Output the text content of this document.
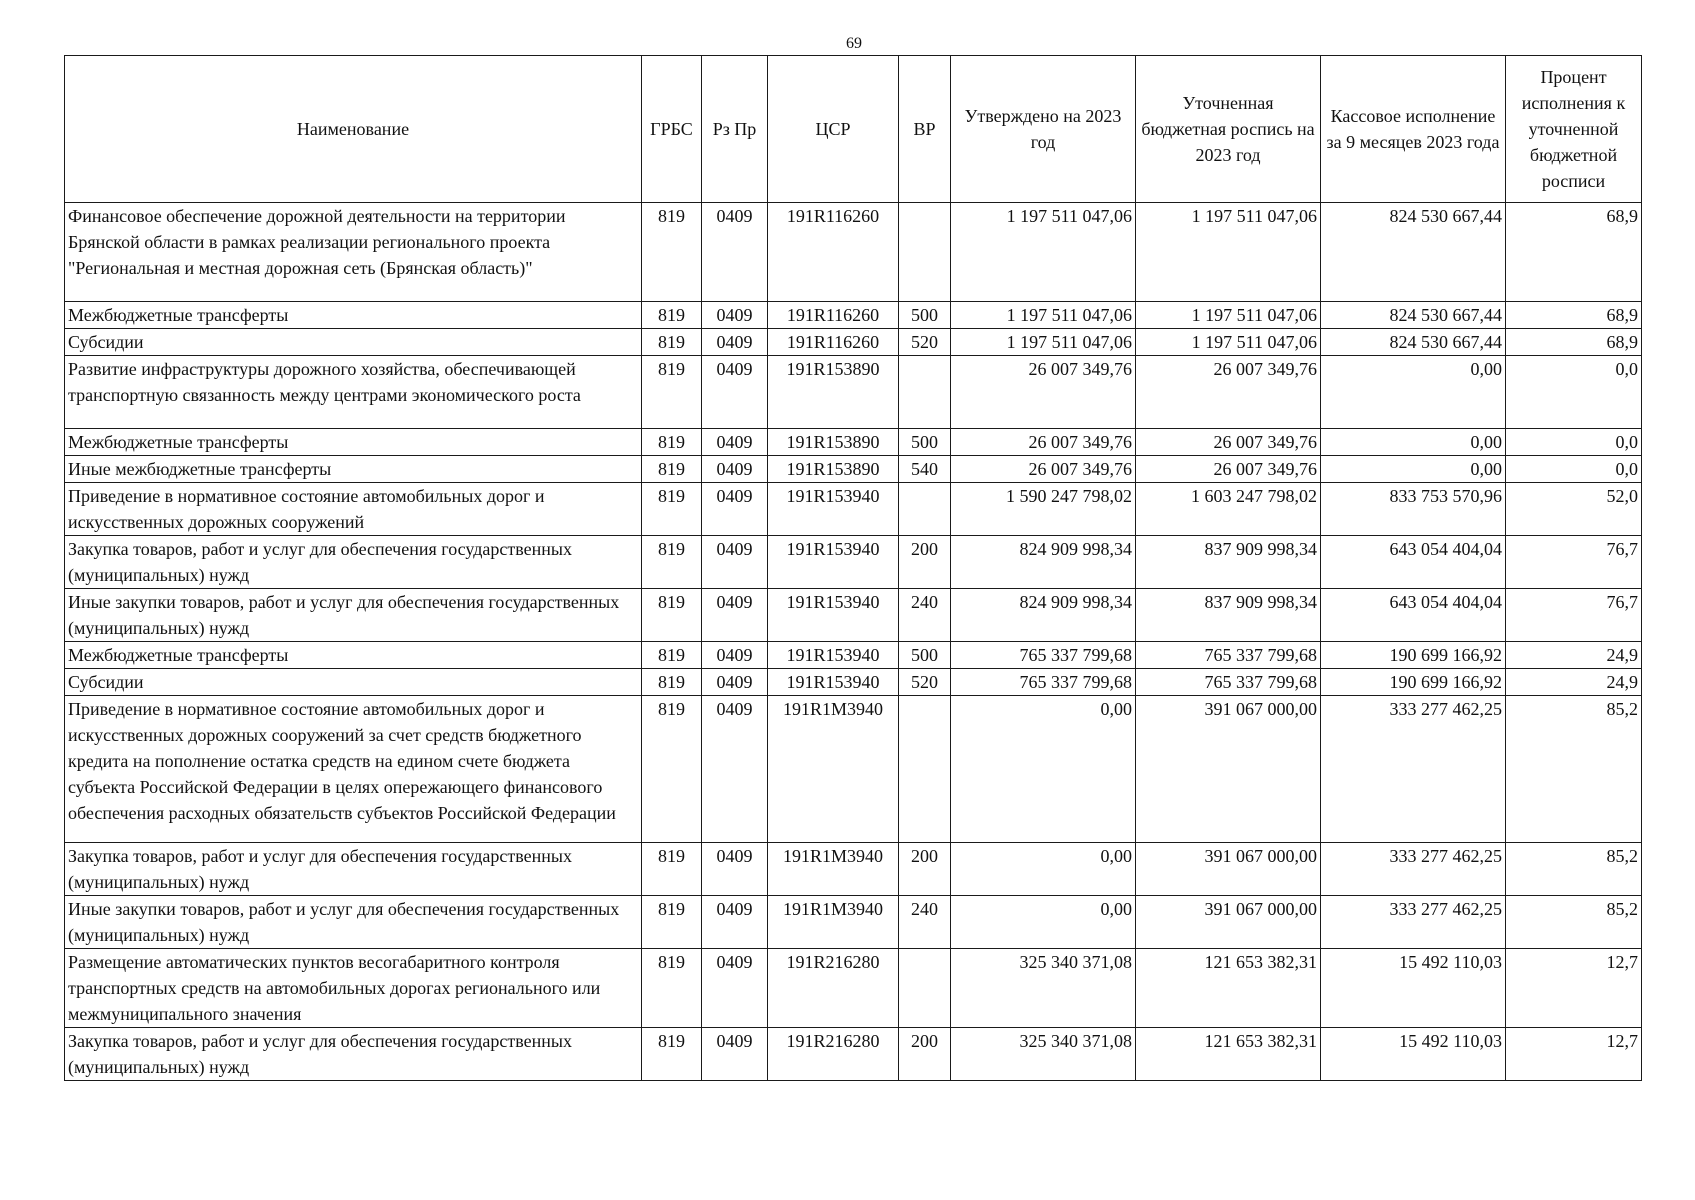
69
Наименование	ГРБС	Рз Пр	ЦСР	ВР	Утверждено на 2023 год	Уточненная бюджетная роспись на 2023 год	Кассовое исполнение за 9 месяцев 2023 года	Процент исполнения к уточненной бюджетной росписи
Финансовое обеспечение дорожной деятельности на территории Брянской области в рамках реализации регионального проекта "Региональная и местная дорожная сеть (Брянская область)"	819	0409	191R116260		1 197 511 047,06	1 197 511 047,06	824 530 667,44	68,9
Межбюджетные трансферты	819	0409	191R116260	500	1 197 511 047,06	1 197 511 047,06	824 530 667,44	68,9
Субсидии	819	0409	191R116260	520	1 197 511 047,06	1 197 511 047,06	824 530 667,44	68,9
Развитие инфраструктуры дорожного хозяйства, обеспечивающей транспортную связанность между центрами экономического роста	819	0409	191R153890		26 007 349,76	26 007 349,76	0,00	0,0
Межбюджетные трансферты	819	0409	191R153890	500	26 007 349,76	26 007 349,76	0,00	0,0
Иные межбюджетные трансферты	819	0409	191R153890	540	26 007 349,76	26 007 349,76	0,00	0,0
Приведение в нормативное состояние автомобильных дорог и искусственных дорожных сооружений	819	0409	191R153940		1 590 247 798,02	1 603 247 798,02	833 753 570,96	52,0
Закупка товаров, работ и услуг для обеспечения государственных (муниципальных) нужд	819	0409	191R153940	200	824 909 998,34	837 909 998,34	643 054 404,04	76,7
Иные закупки товаров, работ и услуг для обеспечения государственных (муниципальных) нужд	819	0409	191R153940	240	824 909 998,34	837 909 998,34	643 054 404,04	76,7
Межбюджетные трансферты	819	0409	191R153940	500	765 337 799,68	765 337 799,68	190 699 166,92	24,9
Субсидии	819	0409	191R153940	520	765 337 799,68	765 337 799,68	190 699 166,92	24,9
Приведение в нормативное состояние автомобильных дорог и искусственных дорожных сооружений за счет средств бюджетного кредита на пополнение остатка средств на едином счете бюджета субъекта Российской Федерации в целях опережающего финансового обеспечения расходных обязательств субъектов Российской Федерации	819	0409	191R1M3940		0,00	391 067 000,00	333 277 462,25	85,2
Закупка товаров, работ и услуг для обеспечения государственных (муниципальных) нужд	819	0409	191R1M3940	200	0,00	391 067 000,00	333 277 462,25	85,2
Иные закупки товаров, работ и услуг для обеспечения государственных (муниципальных) нужд	819	0409	191R1M3940	240	0,00	391 067 000,00	333 277 462,25	85,2
Размещение автоматических пунктов весогабаритного контроля транспортных средств на автомобильных дорогах регионального или межмуниципального значения	819	0409	191R216280		325 340 371,08	121 653 382,31	15 492 110,03	12,7
Закупка товаров, работ и услуг для обеспечения государственных (муниципальных) нужд	819	0409	191R216280	200	325 340 371,08	121 653 382,31	15 492 110,03	12,7
